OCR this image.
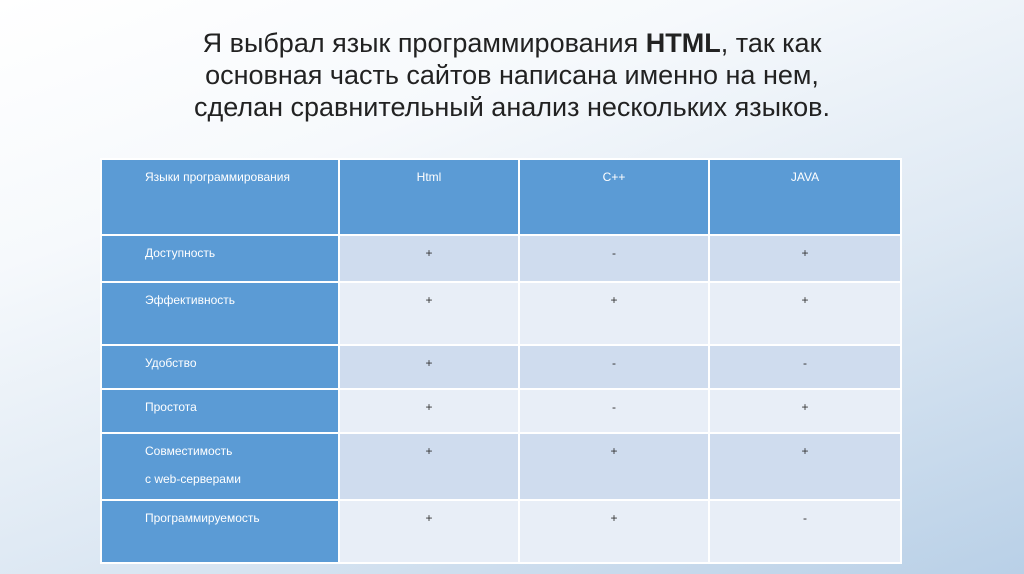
Я выбрал язык программирования HTML, так как
основная часть сайтов написана именно на нем,
сделан сравнительный анализ нескольких языков.
Языки программирования	Html	C++	JAVA
Доступность	+	-	+
Эффективность	+	+	+
Удобство	+	-	-
Простота	+	-	+
Совместимость
с web-серверами	+	+	+
Программируемость	+	+	-
